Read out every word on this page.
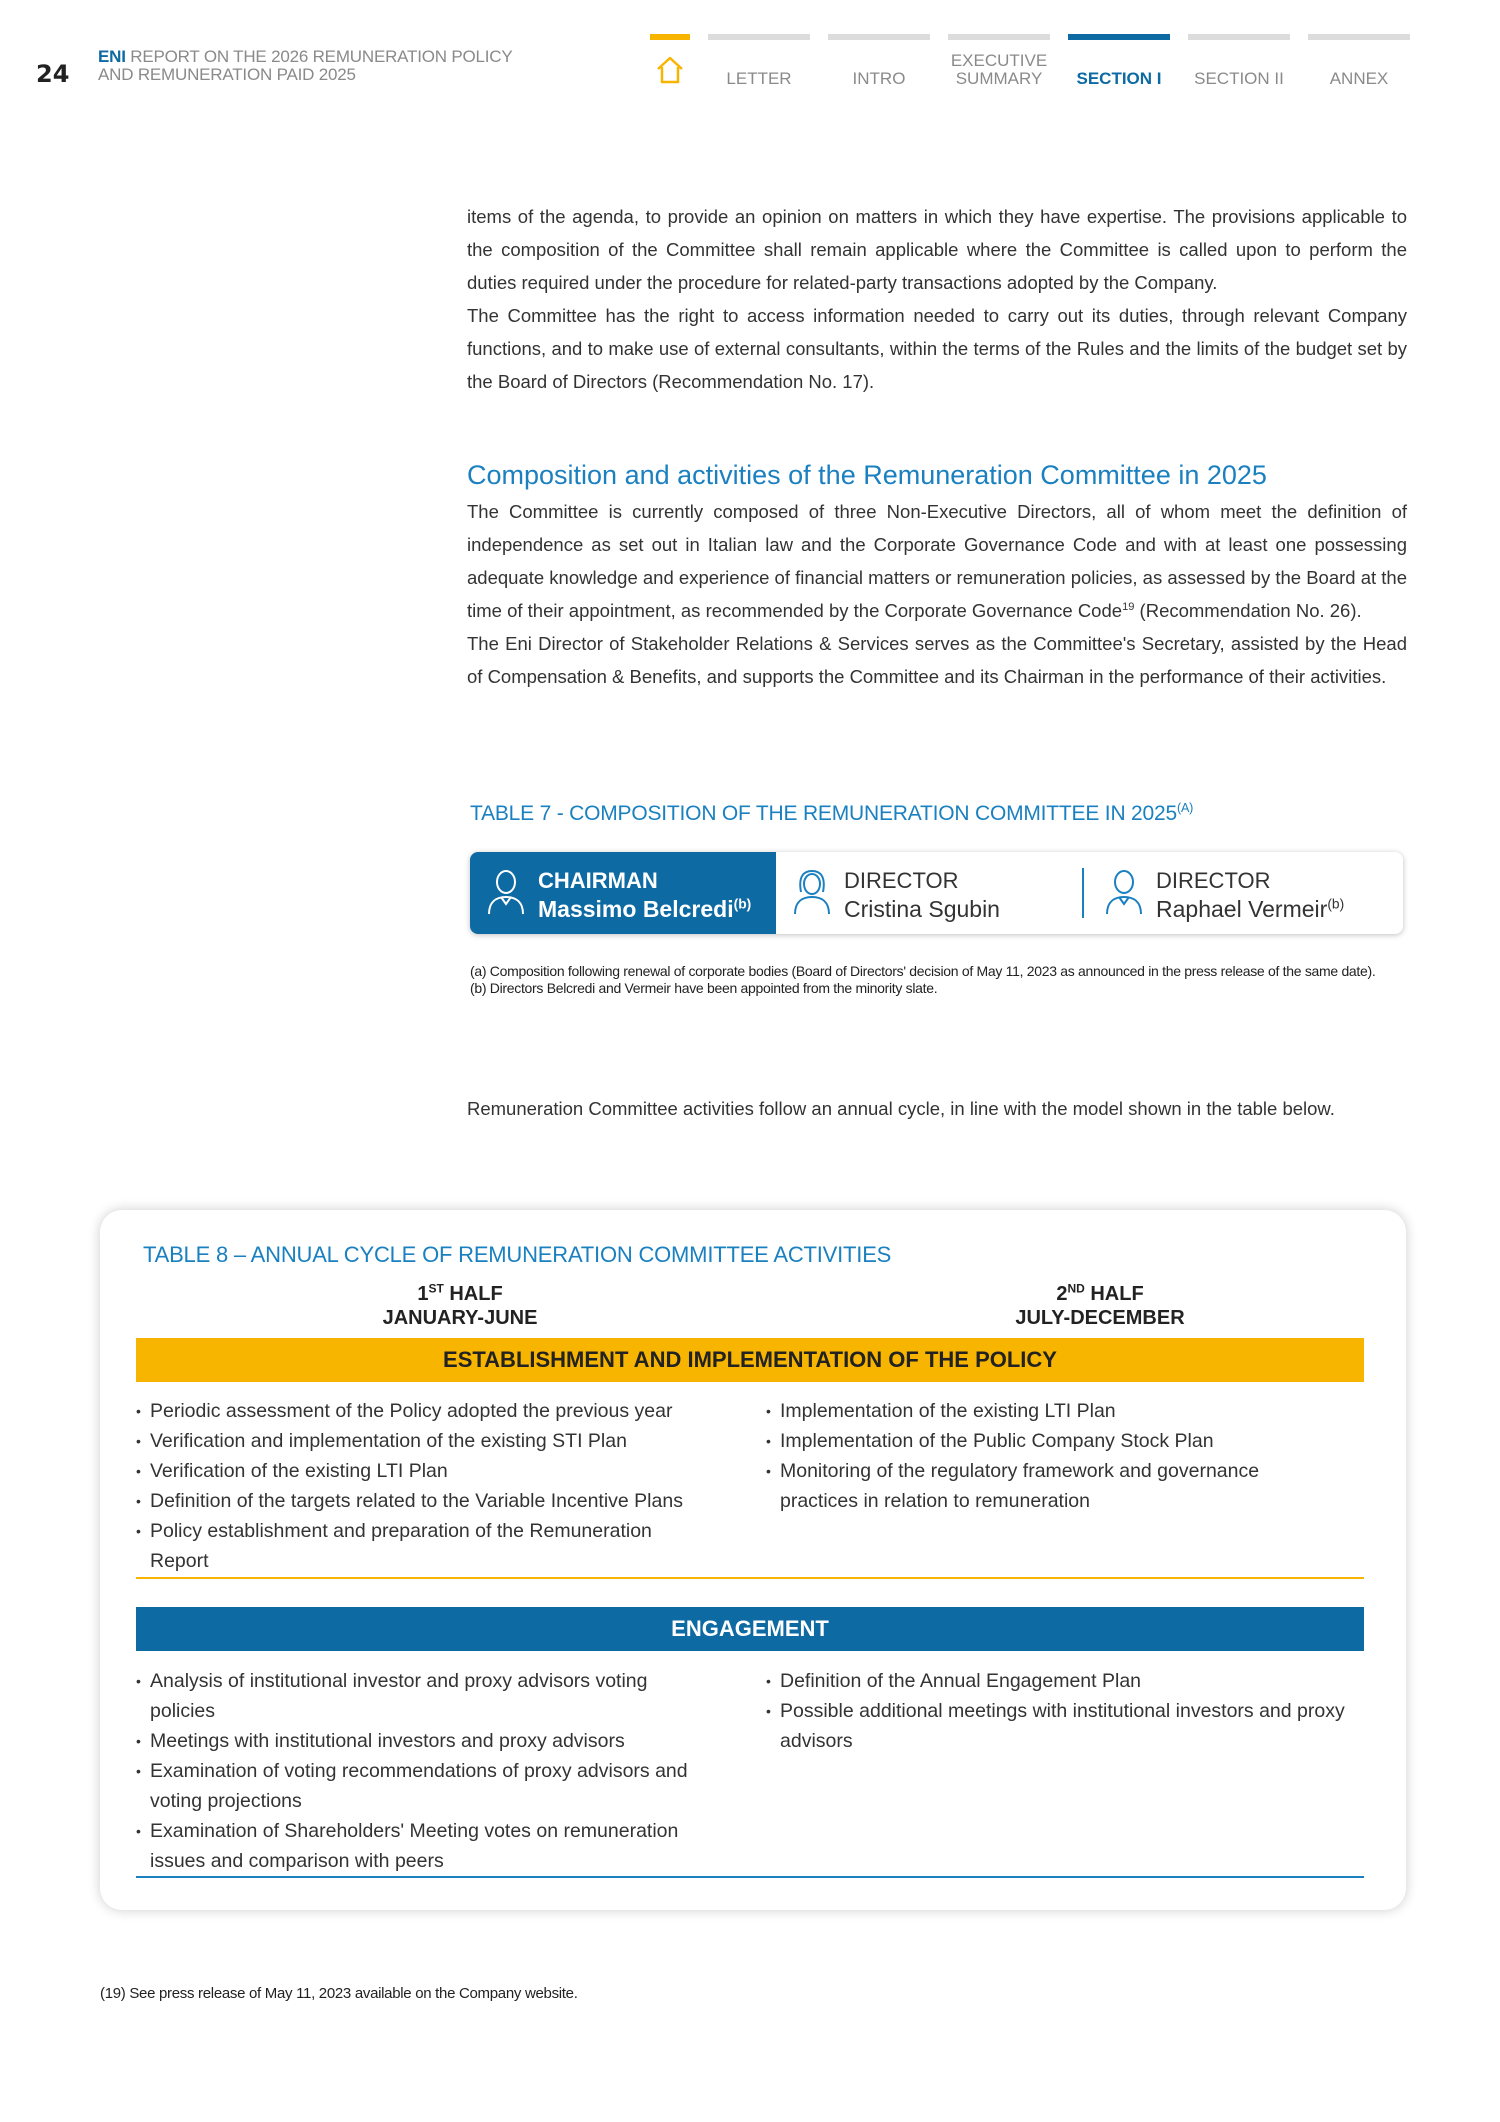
24
ENI REPORT ON THE 2026 REMUNERATION POLICY
AND REMUNERATION PAID 2025	LETTER	INTRO
EXECUTIVE
SUMMARY	SECTION I	SECTION II	ANNEX

items of the agenda, to provide an opinion on matters in which they have expertise. The provisions applicable to the composition of the Committee shall remain applicable where the Committee is called upon to perform the duties required under the procedure for related-party transactions adopted by the Company.

The Committee has the right to access information needed to carry out its duties, through relevant Company functions, and to make use of external consultants, within the terms of the Rules and the limits of the budget set by the Board of Directors (Recommendation No. 17).

Composition and activities of the Remuneration Committee in 2025

The Committee is currently composed of three Non-Executive Directors, all of whom meet the definition of independence as set out in Italian law and the Corporate Governance Code and with at least one possessing adequate knowledge and experience of financial matters or remuneration policies, as assessed by the Board at the time of their appointment, as recommended by the Corporate Governance Code$^{19}$ (Recommendation No. 26).

The Eni Director of Stakeholder Relations & Services serves as the Committee's Secretary, assisted by the Head of Compensation & Benefits, and supports the Committee and its Chairman in the performance of their activities.

TABLE 7 - COMPOSITION OF THE REMUNERATION COMMITTEE IN $2025^{(A)}$
CHAIRMAN
Massimo Belcredi$^{(b)}$
DIRECTOR
Cristina Sgubin
DIRECTOR
Raphael Vermeir$^{(b)}$

(a) Composition following renewal of corporate bodies (Board of Directors' decision of May 11, 2023 as announced in the press release of the same date).

(b) Directors Belcredi and Vermeir have been appointed from the minority slate.

Remuneration Committee activities follow an annual cycle, in line with the model shown in the table below.

TABLE 8 – ANNUAL CYCLE OF REMUNERATION COMMITTEE ACTIVITIES
1ST HALF
JANUARY-JUNE
2ND HALF
JULY-DECEMBER
ESTABLISHMENT AND IMPLEMENTATION OF THE POLICY
• Periodic assessment of the Policy adopted the previous year
• Verification and implementation of the existing STI Plan
• Verification of the existing LTI Plan
• Definition of the targets related to the Variable Incentive Plans
• Policy establishment and preparation of the Remuneration Report
• Implementation of the existing LTI Plan
• Implementation of the Public Company Stock Plan
• Monitoring of the regulatory framework and governance practices in relation to remuneration
ENGAGEMENT
• Analysis of institutional investor and proxy advisors voting policies
• Meetings with institutional investors and proxy advisors
• Examination of voting recommendations of proxy advisors and voting projections
• Examination of Shareholders' Meeting votes on remuneration issues and comparison with peers
• Definition of the Annual Engagement Plan
• Possible additional meetings with institutional investors and proxy advisors
(19) See press release of May 11, 2023 available on the Company website.
